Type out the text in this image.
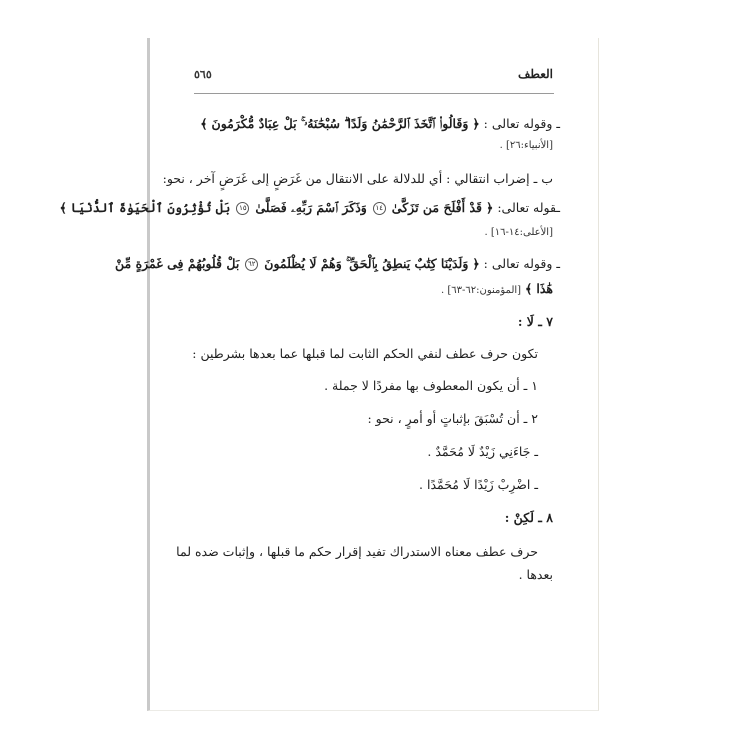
العطف
٥٦٥
ـ وقوله تعالى : ﴿ وَقَالُوا۟ ٱتَّخَذَ ٱلرَّحْمَٰنُ وَلَدًا ۗ سُبْحَٰنَهُۥ ۚ بَلْ عِبَادٌ مُّكْرَمُونَ ﴾
[الأنبياء:٢٦] .
ب ـ إضراب انتقالي : أي للدلالة على الانتقال من غَرَضٍ إلى غَرَضٍ آخر ، نحو:
ـقوله تعالى: ﴿ قَدْ أَفْلَحَ مَن تَزَكَّىٰ ١٤ وَذَكَرَ ٱسْمَ رَبِّهِۦ فَصَلَّىٰ ١٥ بَلْ تُؤْثِرُونَ ٱلْحَيَوٰةَ ٱلدُّنْيَا ﴾
[الأعلى:١٤-١٦] .
ـ وقوله تعالى : ﴿ وَلَدَيْنَا كِتَٰبٌ يَنطِقُ بِٱلْحَقِّ ۚ وَهُمْ لَا يُظْلَمُونَ ٦٢ بَلْ قُلُوبُهُمْ فِى غَمْرَةٍ مِّنْ
هَٰذَا ﴾ [المؤمنون:٦٢-٦٣] .
٧ ـ لَا :
تكون حرف عطف لنفي الحكم الثابت لما قبلها عما بعدها بشرطين :
١ ـ أن يكون المعطوف بها مفردًا لا جملة .
٢ ـ أن تُسْبَقَ بإثباتٍ أو أمرٍ ، نحو :
ـ جَاءَنِي زَيْدٌ لَا مُحَمَّدٌ .
ـ اضْرِبْ زَيْدًا لَا مُحَمَّدًا .
٨ ـ لَكِنْ :
حرف عطف معناه الاستدراك تفيد إقرار حكم ما قبلها ، وإثبات ضده لما
بعدها .
